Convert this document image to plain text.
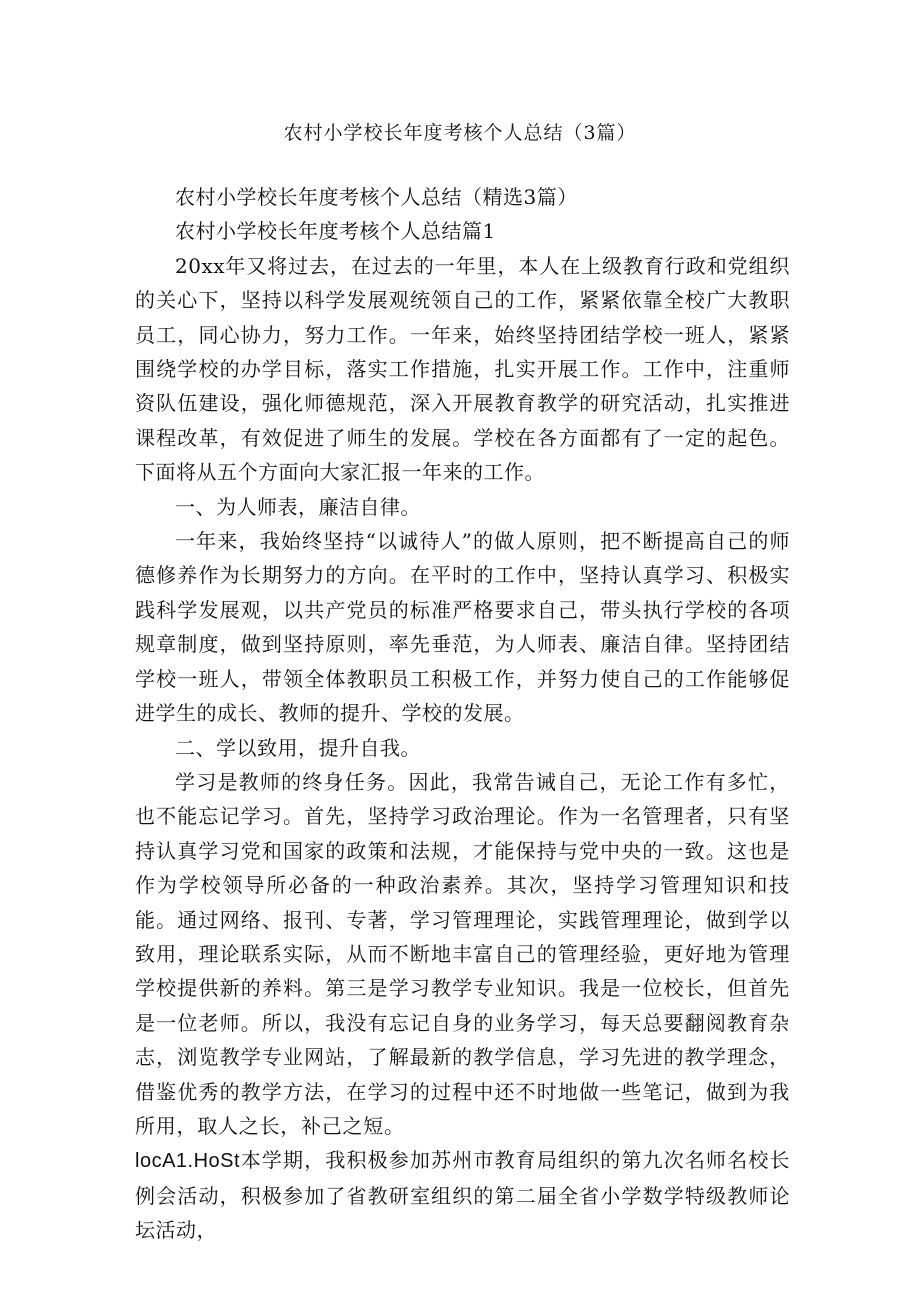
农村小学校长年度考核个人总结（3篇）

农村小学校长年度考核个人总结（精选3篇）

农村小学校长年度考核个人总结篇1

20xx年又将过去，在过去的一年里，本人在上级教育行政和党组织的关心下，坚持以科学发展观统领自己的工作，紧紧依靠全校广大教职员工，同心协力，努力工作。一年来，始终坚持团结学校一班人，紧紧围绕学校的办学目标，落实工作措施，扎实开展工作。工作中，注重师资队伍建设，强化师德规范，深入开展教育教学的研究活动，扎实推进课程改革，有效促进了师生的发展。学校在各方面都有了一定的起色。下面将从五个方面向大家汇报一年来的工作。

一、为人师表，廉洁自律。

一年来，我始终坚持“以诚待人”的做人原则，把不断提高自己的师德修养作为长期努力的方向。在平时的工作中，坚持认真学习、积极实践科学发展观，以共产党员的标准严格要求自己，带头执行学校的各项规章制度，做到坚持原则，率先垂范，为人师表、廉洁自律。坚持团结学校一班人，带领全体教职员工积极工作，并努力使自己的工作能够促进学生的成长、教师的提升、学校的发展。

二、学以致用，提升自我。

学习是教师的终身任务。因此，我常告诫自己，无论工作有多忙，也不能忘记学习。首先，坚持学习政治理论。作为一名管理者，只有坚持认真学习党和国家的政策和法规，才能保持与党中央的一致。这也是作为学校领导所必备的一种政治素养。其次，坚持学习管理知识和技能。通过网络、报刊、专著，学习管理理论，实践管理理论，做到学以致用，理论联系实际，从而不断地丰富自己的管理经验，更好地为管理学校提供新的养料。第三是学习教学专业知识。我是一位校长，但首先是一位老师。所以，我没有忘记自身的业务学习，每天总要翻阅教育杂志，浏览教学专业网站，了解最新的教学信息，学习先进的教学理念，借鉴优秀的教学方法，在学习的过程中还不时地做一些笔记，做到为我所用，取人之长，补己之短。

locA1.HoSt本学期，我积极参加苏州市教育局组织的第九次名师名校长例会活动，积极参加了省教研室组织的第二届全省小学数学特级教师论坛活动，
